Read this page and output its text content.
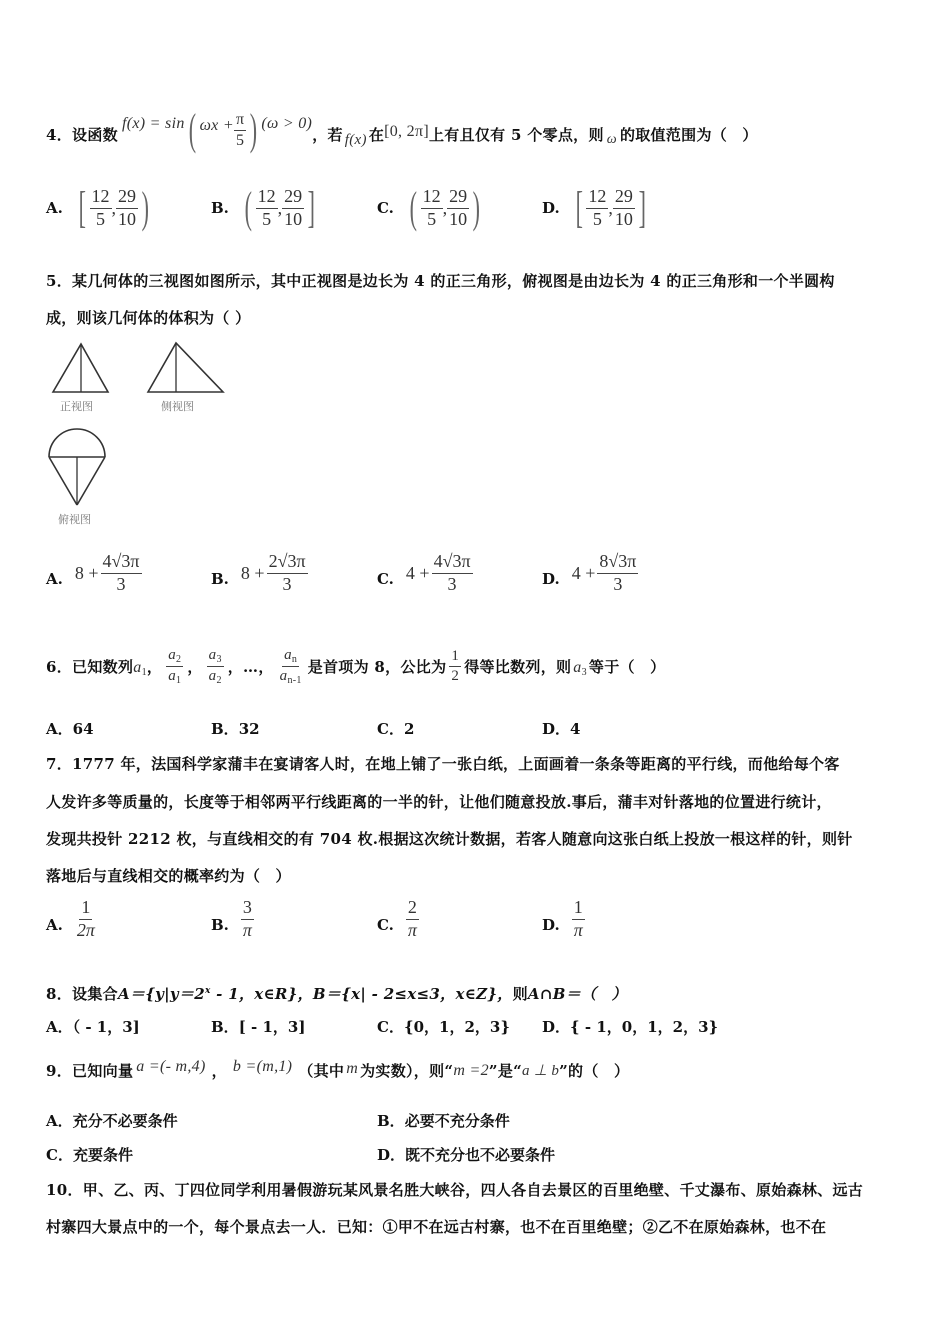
4． 设函数
f(x) = sin ( $\omega x + \frac{\pi}{5}$ ) (ω > 0)
，若 f(x) 在 [0, 2π] 上有且仅有 5 个零点，则 ω 的取值范围为（　）
A. [ $\frac{12}{5}$ , $\frac{29}{10}$ )	B. ( $\frac{12}{5}$ , $\frac{29}{10}$ ]	C. ( $\frac{12}{5}$ , $\frac{29}{10}$ )	D. [ $\frac{12}{5}$ , $\frac{29}{10}$ ]
5．某几何体的三视图如图所示，其中正视图是边长为 4 的正三角形，俯视图是由边长为 4 的正三角形和一个半圆构
成，则该几何体的体积为（ ）
正视图	侧视图
俯视图
A. $8 + \frac{4√3\pi}{3}$	B. $8 + \frac{2√3\pi}{3}$	C. $4 + \frac{4√3\pi}{3}$	D. $4 + \frac{8√3\pi}{3}$
6． 已知数列 $a_1$ ， $\frac{a_2}{a_1}$ ， $\frac{a_3}{a_2}$ ，…， $\frac{a_n}{a_{n-1}}$ 是首项为 8，公比为 $\frac{1}{2}$ 得等比数列，则 $a_3$ 等于（　）
A．64	B．32	C．2	D．4
7．1777 年，法国科学家蒲丰在宴请客人时，在地上铺了一张白纸，上面画着一条条等距离的平行线，而他给每个客
人发许多等质量的，长度等于相邻两平行线距离的一半的针，让他们随意投放.事后，蒲丰对针落地的位置进行统计，
发现共投针 2212 枚，与直线相交的有 704 枚.根据这次统计数据，若客人随意向这张白纸上投放一根这样的针，则针
落地后与直线相交的概率约为（　）
A. $\frac{1}{2\pi}$	B. $\frac{3}{\pi}$	C. $\frac{2}{\pi}$	D. $\frac{1}{\pi}$
8．设集合$A=\{y|y=2^x - 1$，x∈R}，B＝{x| - 2≤x≤3，x∈Z}，则A∩B＝（　）
A．（ - 1，3]	B．[ - 1，3]	C．{0，1，2，3} D．{ - 1，0，1，2，3}
9． 已知向量 a =(- m,4) ， b =(m,1) （其中 m 为实数），则“ m =2 ”是“ a ⊥ b ”的（　）
A．充分不必要条件	B．必要不充分条件
C．充要条件	D．既不充分也不必要条件
10．甲、乙、丙、丁四位同学利用暑假游玩某风景名胜大峡谷，四人各自去景区的百里绝壁、千丈瀑布、原始森林、远古
村寨四大景点中的一个，每个景点去一人．已知：①甲不在远古村寨，也不在百里绝壁；②乙不在原始森林，也不在
